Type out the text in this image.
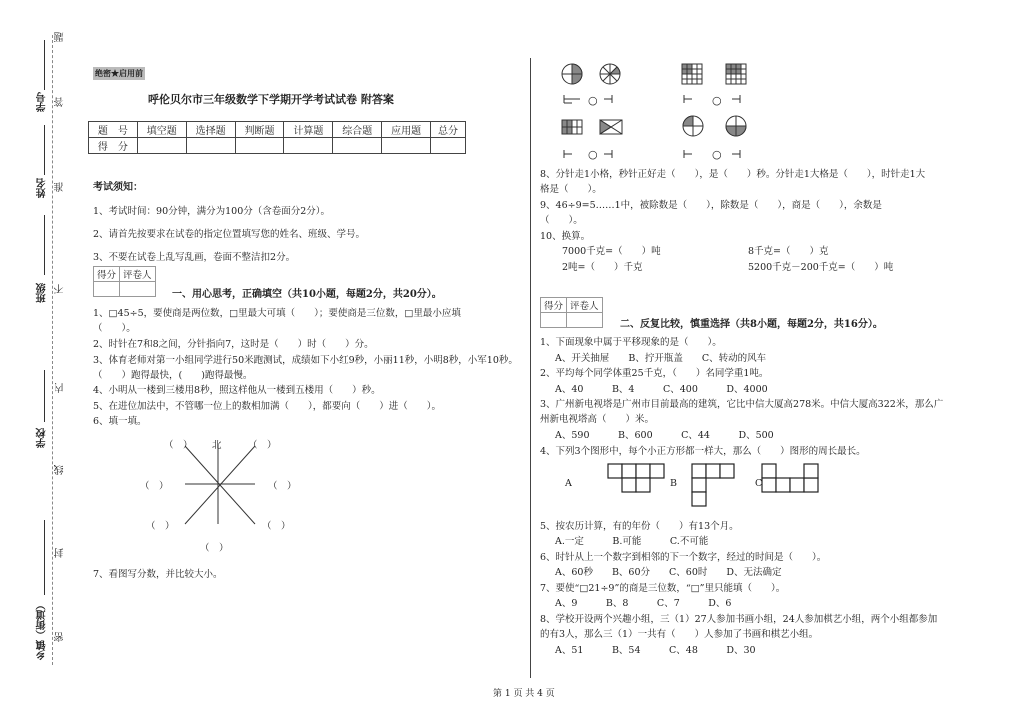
题
学号 答
姓名 准
班级 不
内
学校
线
封
乡镇（街道） 密
绝密★启用前
呼伦贝尔市三年级数学下学期开学考试试卷 附答案
题　号	填空题	选择题	判断题	计算题	综合题	应用题	总分
得　分							
考试须知：
1、考试时间：90分钟，满分为100分（含卷面分2分）。
2、请首先按要求在试卷的指定位置填写您的姓名、班级、学号。
3、不要在试卷上乱写乱画，卷面不整洁扣2分。
得分	评卷人

一、用心思考，正确填空（共10小题，每题2分，共20分）。
1、□45÷5，要使商是两位数，□里最大可填（　　）；要使商是三位数，□里最小应填
（　　）。
2、时针在7和8之间，分针指向7，这时是（　　）时（　　）分。
3、体育老师对第一小组同学进行50米跑测试，成绩如下小红9秒，小丽11秒，小明8秒，小军10秒。
（　　）跑得最快，(　　)跑得最慢。
4、小明从一楼到三楼用8秒，照这样他从一楼到五楼用（　　）秒。
5、在进位加法中，不管哪一位上的数相加满（　　），都要向（　　）进（　　）。
6、填一填。
（　） 北	（　）
（　）	（　）
（　）	（　）
（　）
7、看图写分数，并比较大小。
○	○
○	○
8、分针走1小格，秒针正好走（　　），是（　　）秒。分针走1大格是（　　），时针走1大
格是（　　）。
9、46÷9=5……1中，被除数是（　　），除数是（　　），商是（　　），余数是
（　　）。
10、换算。
7000千克=（　　）吨	8千克=（　　）克
2吨=（　　）千克	5200千克－200千克=（　　）吨
得分	评卷人

二、反复比较，慎重选择（共8小题，每题2分，共16分）。
1、下面现象中属于平移现象的是（　　）。
A、开关抽屉　　B、拧开瓶盖　　C、转动的风车
2、平均每个同学体重25千克，（　　）名同学重1吨。
A、40　　　B、4　　　C、400　　　D、4000
3、广州新电视塔是广州市目前最高的建筑，它比中信大厦高278米。中信大厦高322米，那么广
州新电视塔高（　　）米。
A、590　　　B、600　　　C、44　　　D、500
4、下列3个图形中，每个小正方形都一样大，那么（　　）图形的周长最长。
A	B	C
5、按农历计算，有的年份（　　）有13个月。
A.一定　　　B.可能　　　C.不可能
6、时针从上一个数字到相邻的下一个数字，经过的时间是（　　）。
A、60秒　　B、60分　　C、60时　　D、无法确定
7、要使“□21÷9”的商是三位数，“□”里只能填（　　）。
A、9　　　B、8　　　C、7　　　D、6
8、学校开设两个兴趣小组，三（1）27人参加书画小组，24人参加棋艺小组，两个小组都参加
的有3人，那么三（1）一共有（　　）人参加了书画和棋艺小组。
A、51　　　B、54　　　C、48　　　D、30
第 1 页 共 4 页
